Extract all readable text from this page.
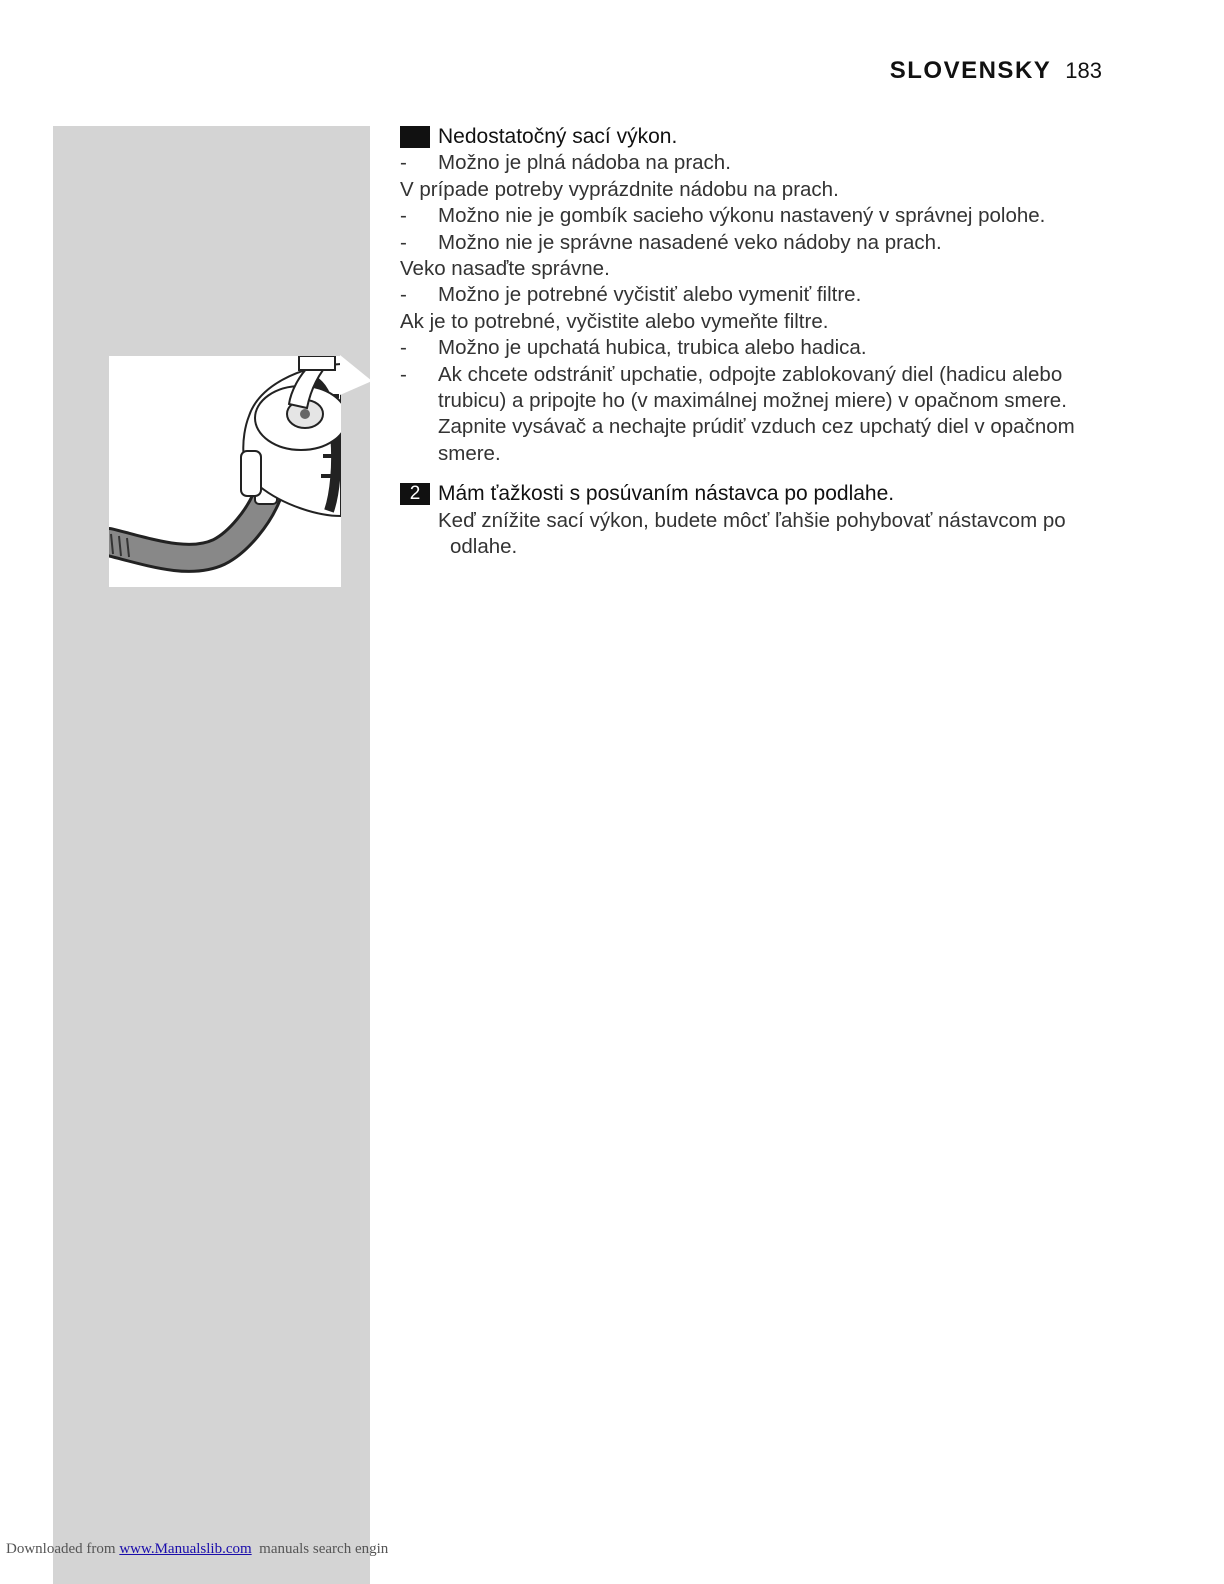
SLOVENSKY 183
Nedostatočný sací výkon.
- Možno je plná nádoba na prach.
V prípade potreby vyprázdnite nádobu na prach.
- Možno nie je gombík sacieho výkonu nastavený v správnej polohe.
- Možno nie je správne nasadené veko nádoby na prach.
Veko nasaďte správne.
- Možno je potrebné vyčistiť alebo vymeniť filtre.
Ak je to potrebné, vyčistite alebo vymeňte filtre.
- Možno je upchatá hubica, trubica alebo hadica.
- Ak chcete odstrániť upchatie, odpojte zablokovaný diel (hadicu alebo
trubicu) a pripojte ho (v maximálnej možnej miere) v opačnom smere.
Zapnite vysávač a nechajte prúdiť vzduch cez upchatý diel v opačnom
smere.
2 Mám ťažkosti s posúvaním nástavca po podlahe.
Keď znížite sací výkon, budete môcť ľahšie pohybovať nástavcom po
odlahe.
Downloaded from www.Manualslib.com  manuals search engin
